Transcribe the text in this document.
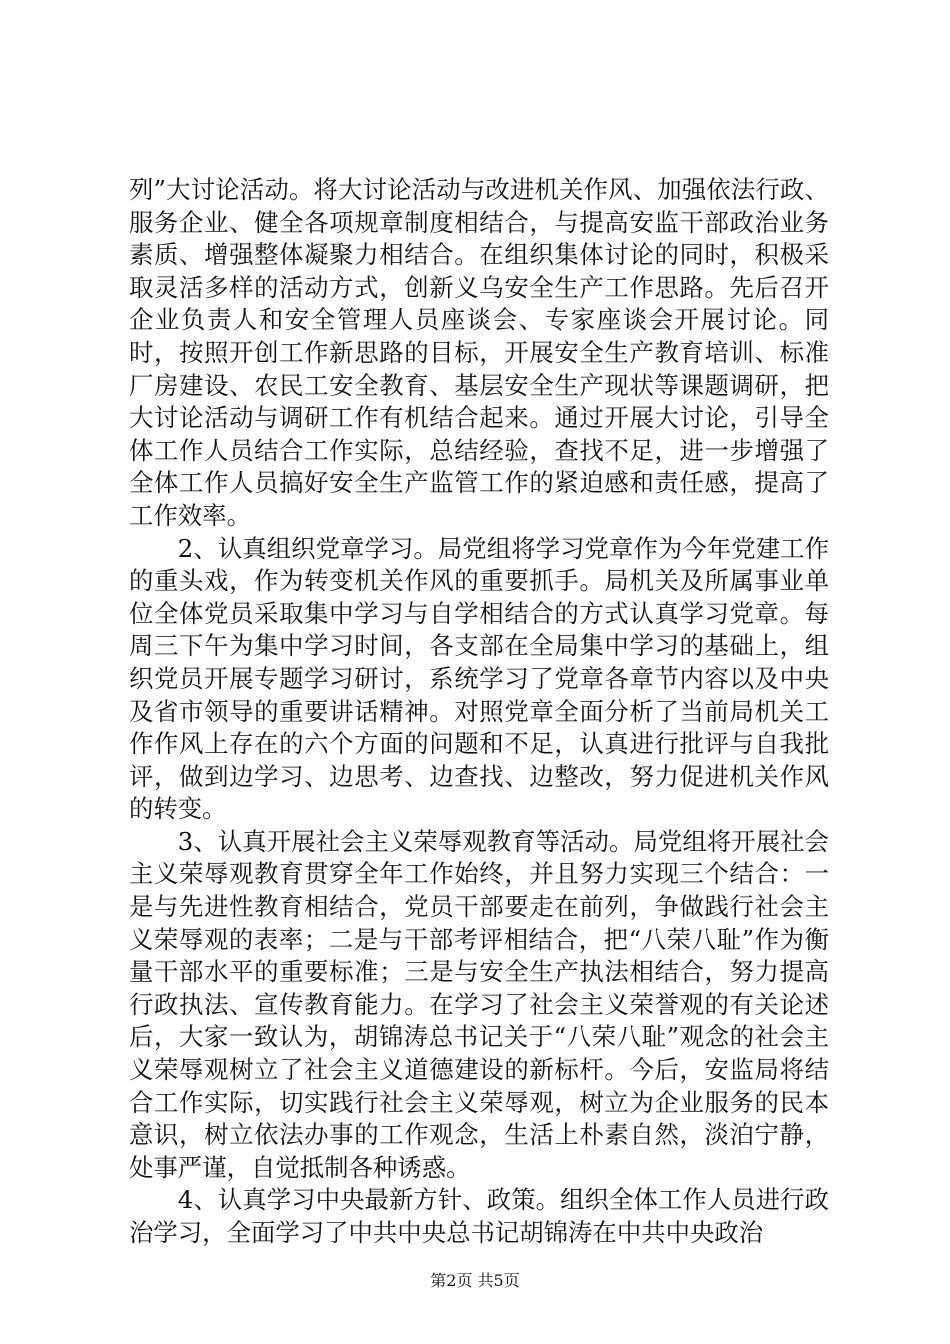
列”大讨论活动。将大讨论活动与改进机关作风、加强依法行政、服务企业、健全各项规章制度相结合，与提高安监干部政治业务素质、增强整体凝聚力相结合。在组织集体讨论的同时，积极采取灵活多样的活动方式，创新义乌安全生产工作思路。先后召开企业负责人和安全管理人员座谈会、专家座谈会开展讨论。同时，按照开创工作新思路的目标，开展安全生产教育培训、标准厂房建设、农民工安全教育、基层安全生产现状等课题调研，把大讨论活动与调研工作有机结合起来。通过开展大讨论，引导全体工作人员结合工作实际，总结经验，查找不足，进一步增强了全体工作人员搞好安全生产监管工作的紧迫感和责任感，提高了工作效率。

2、认真组织党章学习。局党组将学习党章作为今年党建工作的重头戏，作为转变机关作风的重要抓手。局机关及所属事业单位全体党员采取集中学习与自学相结合的方式认真学习党章。每周三下午为集中学习时间，各支部在全局集中学习的基础上，组织党员开展专题学习研讨，系统学习了党章各章节内容以及中央及省市领导的重要讲话精神。对照党章全面分析了当前局机关工作作风上存在的六个方面的问题和不足，认真进行批评与自我批评，做到边学习、边思考、边查找、边整改，努力促进机关作风的转变。

3、认真开展社会主义荣辱观教育等活动。局党组将开展社会主义荣辱观教育贯穿全年工作始终，并且努力实现三个结合：一是与先进性教育相结合，党员干部要走在前列，争做践行社会主义荣辱观的表率；二是与干部考评相结合，把“八荣八耻”作为衡量干部水平的重要标准；三是与安全生产执法相结合，努力提高行政执法、宣传教育能力。在学习了社会主义荣誉观的有关论述后，大家一致认为，胡锦涛总书记关于“八荣八耻”观念的社会主义荣辱观树立了社会主义道德建设的新标杆。今后，安监局将结合工作实际，切实践行社会主义荣辱观，树立为企业服务的民本意识，树立依法办事的工作观念，生活上朴素自然，淡泊宁静，处事严谨，自觉抵制各种诱惑。

4、认真学习中央最新方针、政策。组织全体工作人员进行政治学习，全面学习了中共中央总书记胡锦涛在中共中央政治

第2页 共5页
